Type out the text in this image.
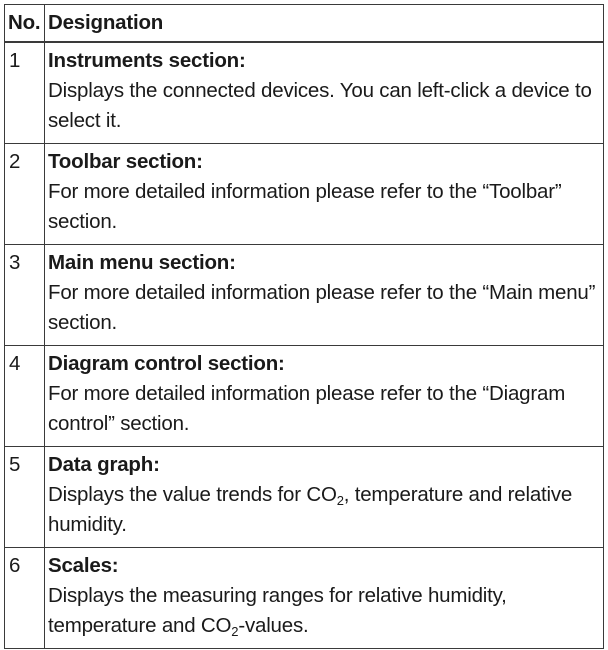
No.	Designation
1	Instruments section:
Displays the connected devices. You can left-click a device to select it.

2	Toolbar section:
For more detailed information please refer to the “Toolbar” section.

3	Main menu section:
For more detailed information please refer to the “Main menu” section.

4	Diagram control section:
For more detailed information please refer to the “Diagram control” section.

5	Data graph:
Displays the value trends for $CO_2$, temperature and relative humidity.

6	Scales:
Displays the measuring ranges for relative humidity, temperature and $CO_2$-values.
